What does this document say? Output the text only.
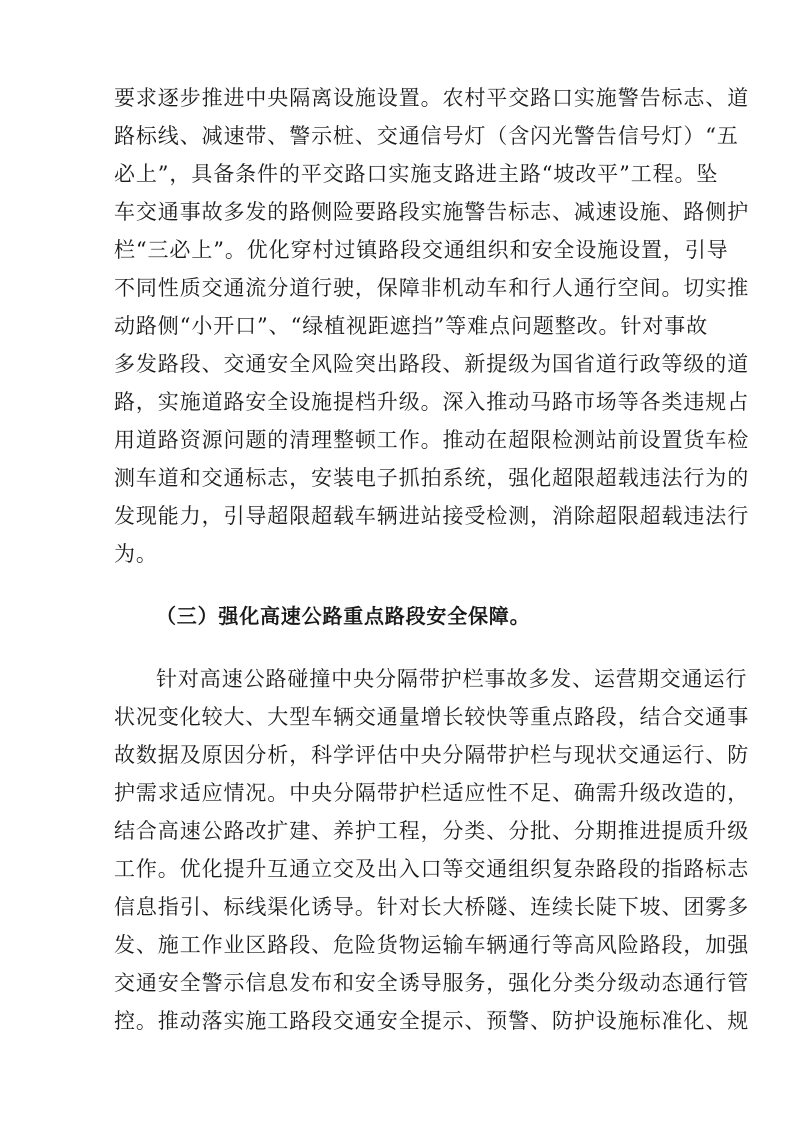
要求逐步推进中央隔离设施设置。农村平交路口实施警告标志、道
路标线、减速带、警示桩、交通信号灯（含闪光警告信号灯）“五
必上”，具备条件的平交路口实施支路进主路“坡改平”工程。坠
车交通事故多发的路侧险要路段实施警告标志、减速设施、路侧护
栏“三必上”。优化穿村过镇路段交通组织和安全设施设置，引导
不同性质交通流分道行驶，保障非机动车和行人通行空间。切实推
动路侧“小开口”、“绿植视距遮挡”等难点问题整改。针对事故
多发路段、交通安全风险突出路段、新提级为国省道行政等级的道
路，实施道路安全设施提档升级。深入推动马路市场等各类违规占
用道路资源问题的清理整顿工作。推动在超限检测站前设置货车检
测车道和交通标志，安装电子抓拍系统，强化超限超载违法行为的
发现能力，引导超限超载车辆进站接受检测，消除超限超载违法行
为。
（三）强化高速公路重点路段安全保障。
针对高速公路碰撞中央分隔带护栏事故多发、运营期交通运行
状况变化较大、大型车辆交通量增长较快等重点路段，结合交通事
故数据及原因分析，科学评估中央分隔带护栏与现状交通运行、防
护需求适应情况。中央分隔带护栏适应性不足、确需升级改造的，
结合高速公路改扩建、养护工程，分类、分批、分期推进提质升级
工作。优化提升互通立交及出入口等交通组织复杂路段的指路标志
信息指引、标线渠化诱导。针对长大桥隧、连续长陡下坡、团雾多
发、施工作业区路段、危险货物运输车辆通行等高风险路段，加强
交通安全警示信息发布和安全诱导服务，强化分类分级动态通行管
控。推动落实施工路段交通安全提示、预警、防护设施标准化、规
